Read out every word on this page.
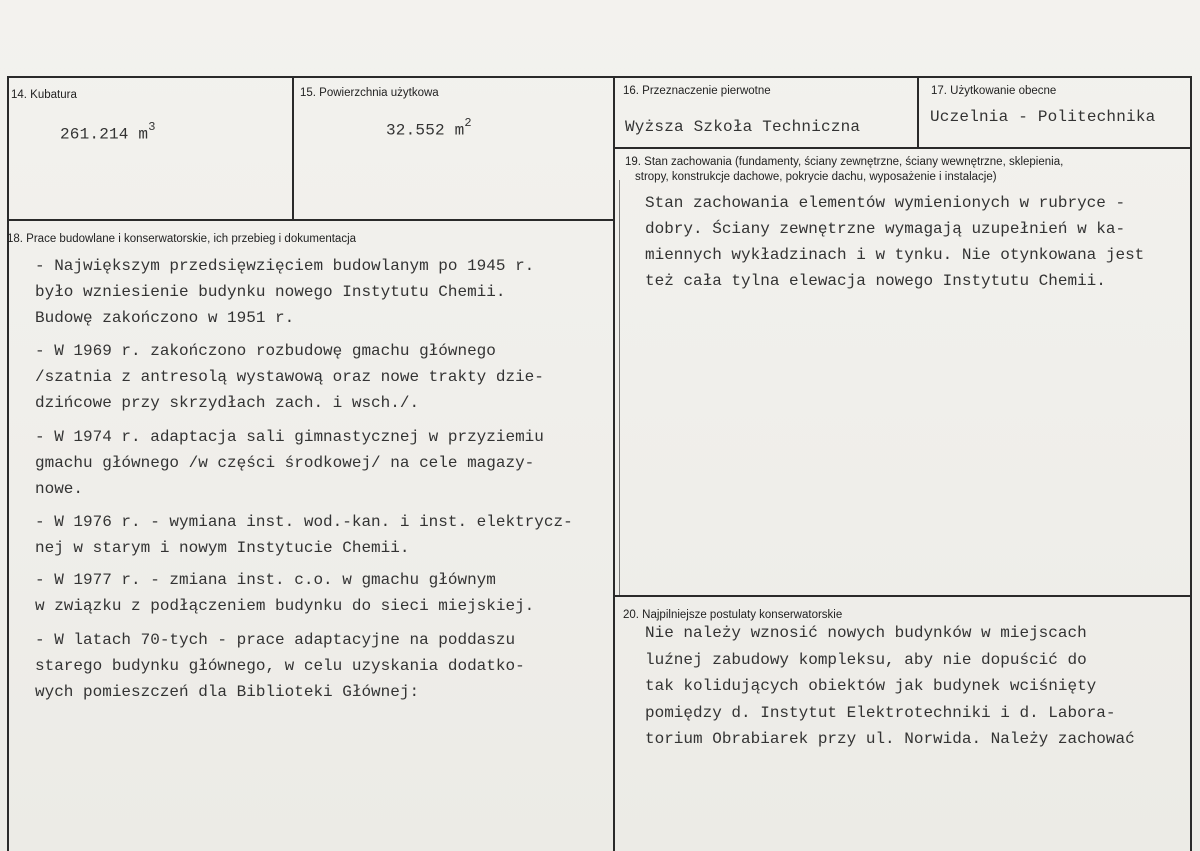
14. Kubatura
261.214 $m^3$
15. Powierzchnia użytkowa
32.552 $m^2$
16. Przeznaczenie pierwotne
Wyższa Szkoła Techniczna
17. Użytkowanie obecne
Uczelnia - Politechnika
19. Stan zachowania (fundamenty, ściany zewnętrzne, ściany wewnętrzne, sklepienia,
stropy, konstrukcje dachowe, pokrycie dachu, wyposażenie i instalacje)
Stan zachowania elementów wymienionych w rubryce -
dobry. Ściany zewnętrzne wymagają uzupełnień w ka-
miennych wykładzinach i w tynku. Nie otynkowana jest
też cała tylna elewacja nowego Instytutu Chemii.
18. Prace budowlane i konserwatorskie, ich przebieg i dokumentacja
- Największym przedsięwzięciem budowlanym po 1945 r.
było wzniesienie budynku nowego Instytutu Chemii.
Budowę zakończono w 1951 r.
- W 1969 r. zakończono rozbudowę gmachu głównego
/szatnia z antresolą wystawową oraz nowe trakty dzie-
dzińcowe przy skrzydłach zach. i wsch./.
- W 1974 r. adaptacja sali gimnastycznej w przyziemiu
gmachu głównego /w części środkowej/ na cele magazy-
nowe.
- W 1976 r. - wymiana inst. wod.-kan. i inst. elektrycz-
nej w starym i nowym Instytucie Chemii.
- W 1977 r. - zmiana inst. c.o. w gmachu głównym
w związku z podłączeniem budynku do sieci miejskiej.
- W latach 70-tych - prace adaptacyjne na poddaszu
starego budynku głównego, w celu uzyskania dodatko-
wych pomieszczeń dla Biblioteki Głównej:
20. Najpilniejsze postulaty konserwatorskie
Nie należy wznosić nowych budynków w miejscach
luźnej zabudowy kompleksu, aby nie dopuścić do
tak kolidujących obiektów jak budynek wciśnięty
pomiędzy d. Instytut Elektrotechniki i d. Labora-
torium Obrabiarek przy ul. Norwida. Należy zachować
